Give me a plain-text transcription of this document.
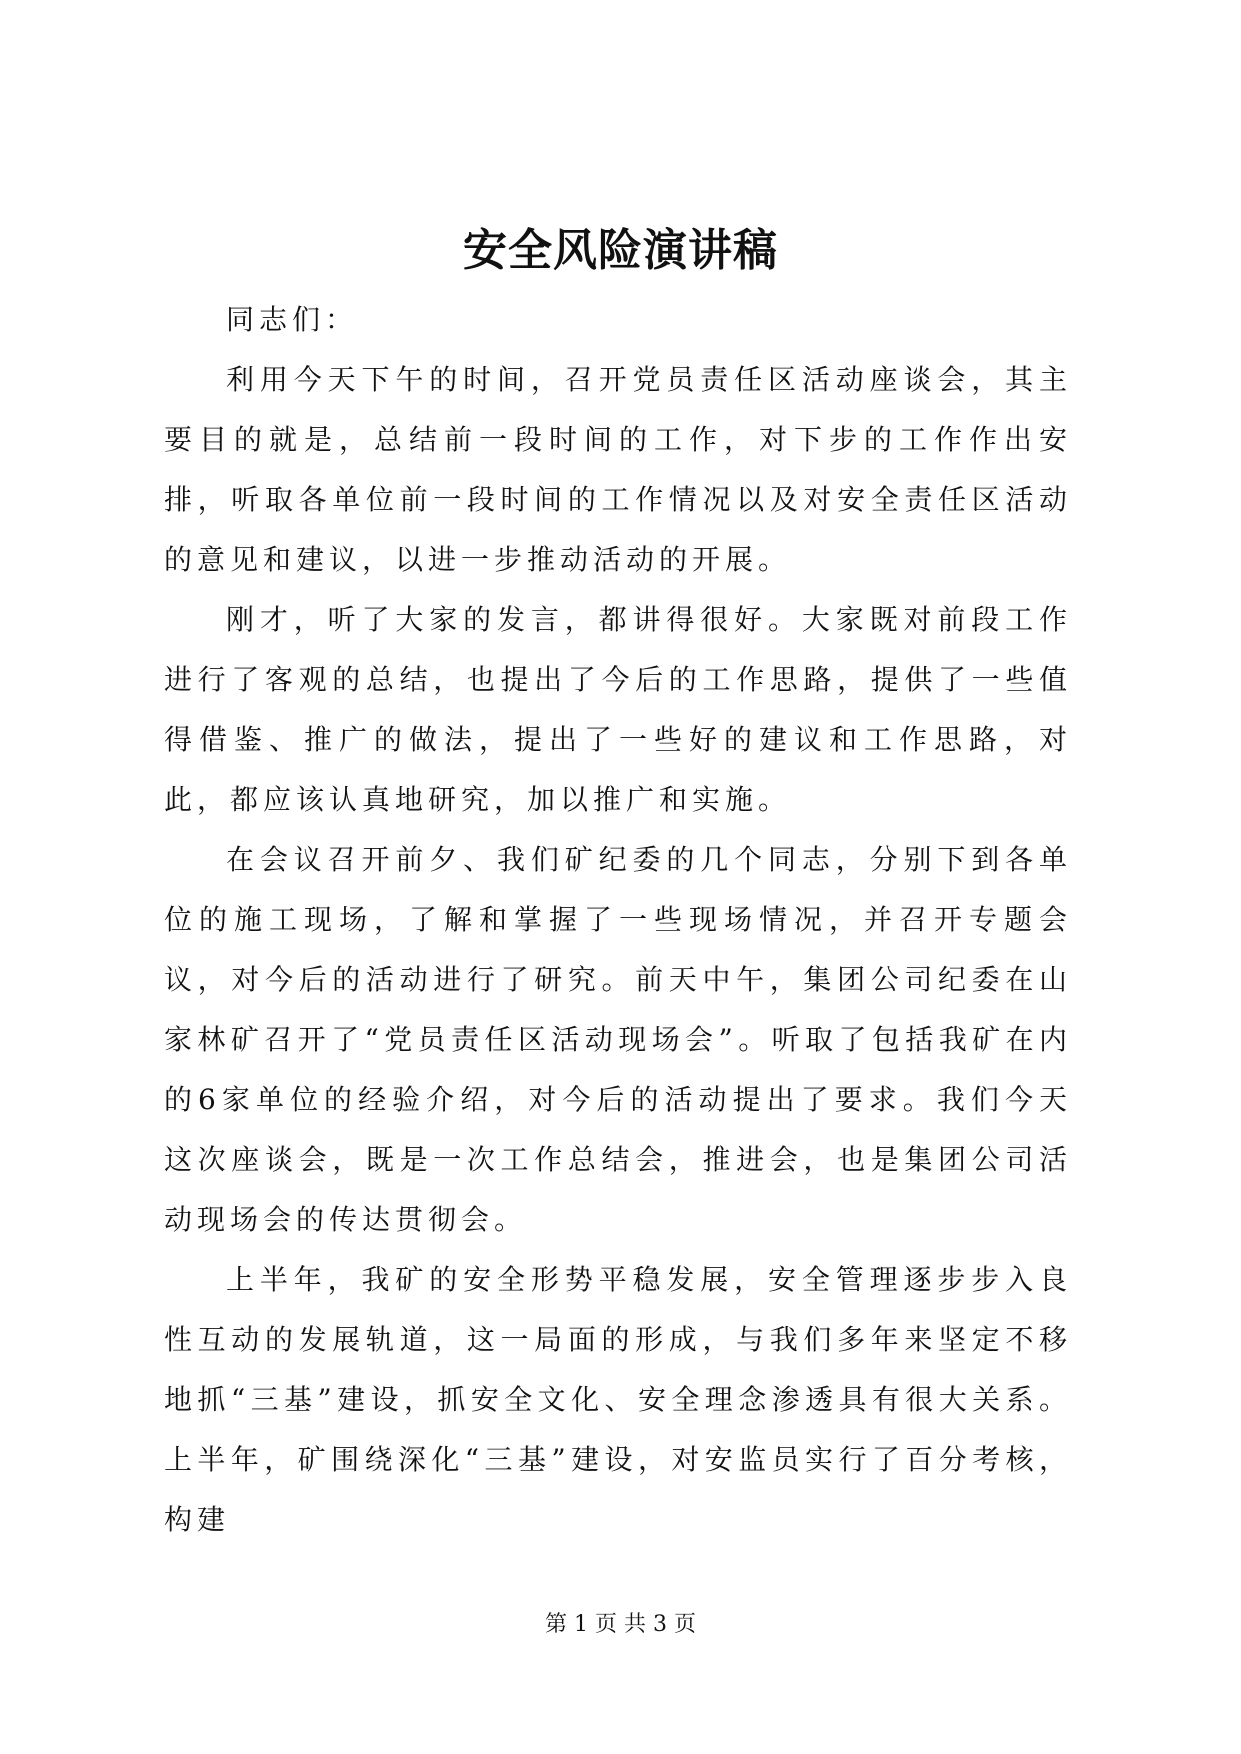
安全风险演讲稿

同志们：

利用今天下午的时间，召开党员责任区活动座谈会，其主要目的就是，总结前一段时间的工作，对下步的工作作出安排，听取各单位前一段时间的工作情况以及对安全责任区活动的意见和建议，以进一步推动活动的开展。

刚才，听了大家的发言，都讲得很好。大家既对前段工作进行了客观的总结，也提出了今后的工作思路，提供了一些值得借鉴、推广的做法，提出了一些好的建议和工作思路，对此，都应该认真地研究，加以推广和实施。

在会议召开前夕、我们矿纪委的几个同志，分别下到各单位的施工现场，了解和掌握了一些现场情况，并召开专题会议，对今后的活动进行了研究。前天中午，集团公司纪委在山家林矿召开了“党员责任区活动现场会”。听取了包括我矿在内的6家单位的经验介绍，对今后的活动提出了要求。我们今天这次座谈会，既是一次工作总结会，推进会，也是集团公司活动现场会的传达贯彻会。

上半年，我矿的安全形势平稳发展，安全管理逐步步入良性互动的发展轨道，这一局面的形成，与我们多年来坚定不移地抓“三基”建设，抓安全文化、安全理念渗透具有很大关系。上半年，矿围绕深化“三基”建设，对安监员实行了百分考核，构建

第 1 页 共 3 页
